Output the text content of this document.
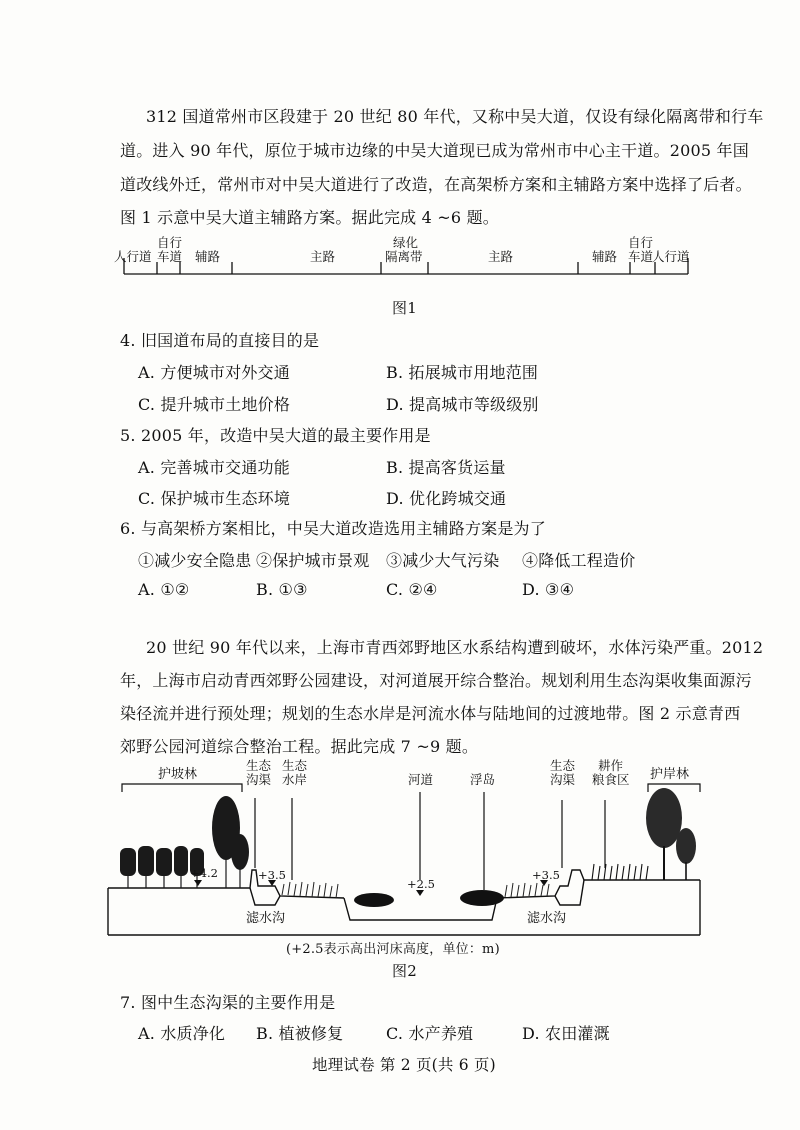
312 国道常州市区段建于 20 世纪 80 年代，又称中吴大道，仅设有绿化隔离带和行车
道。进入 90 年代，原位于城市边缘的中吴大道现已成为常州市中心主干道。2005 年国
道改线外迁，常州市对中吴大道进行了改造，在高架桥方案和主辅路方案中选择了后者。
图 1 示意中吴大道主辅路方案。据此完成 4 ~6 题。
人行道
自行
车道 辅路	主路
绿化
隔离带	主路	辅路
自行
车道
人行道
图1
4. 旧国道布局的直接目的是
A. 方便城市对外交通	B. 拓展城市用地范围
C. 提升城市土地价格	D. 提高城市等级级别
5. 2005 年，改造中吴大道的最主要作用是
A. 完善城市交通功能	B. 提高客货运量
C. 保护城市生态环境	D. 优化跨城交通
6. 与高架桥方案相比，中吴大道改造选用主辅路方案是为了
①减少安全隐患 ②保护城市景观 ③减少大气污染 ④降低工程造价
A. ①②	B. ①③	C. ②④	D. ③④
20 世纪 90 年代以来，上海市青西郊野地区水系结构遭到破坏，水体污染严重。2012
年，上海市启动青西郊野公园建设，对河道展开综合整治。规划利用生态沟渠收集面源污
染径流并进行预处理；规划的生态水岸是河流水体与陆地间的过渡地带。图 2 示意青西
郊野公园河道综合整治工程。据此完成 7 ~9 题。
护坡林
生态
沟渠
生态
水岸	河道	浮岛
生态
沟渠
耕作
粮食区 护岸林
+4.2	+3.5
+2.5
+3.5
滤水沟	滤水沟
(+2.5表示高出河床高度，单位：m)
图2
7. 图中生态沟渠的主要作用是
A. 水质净化 B. 植被修复	C. 水产养殖	D. 农田灌溉
地理试卷 第 2 页(共 6 页)
